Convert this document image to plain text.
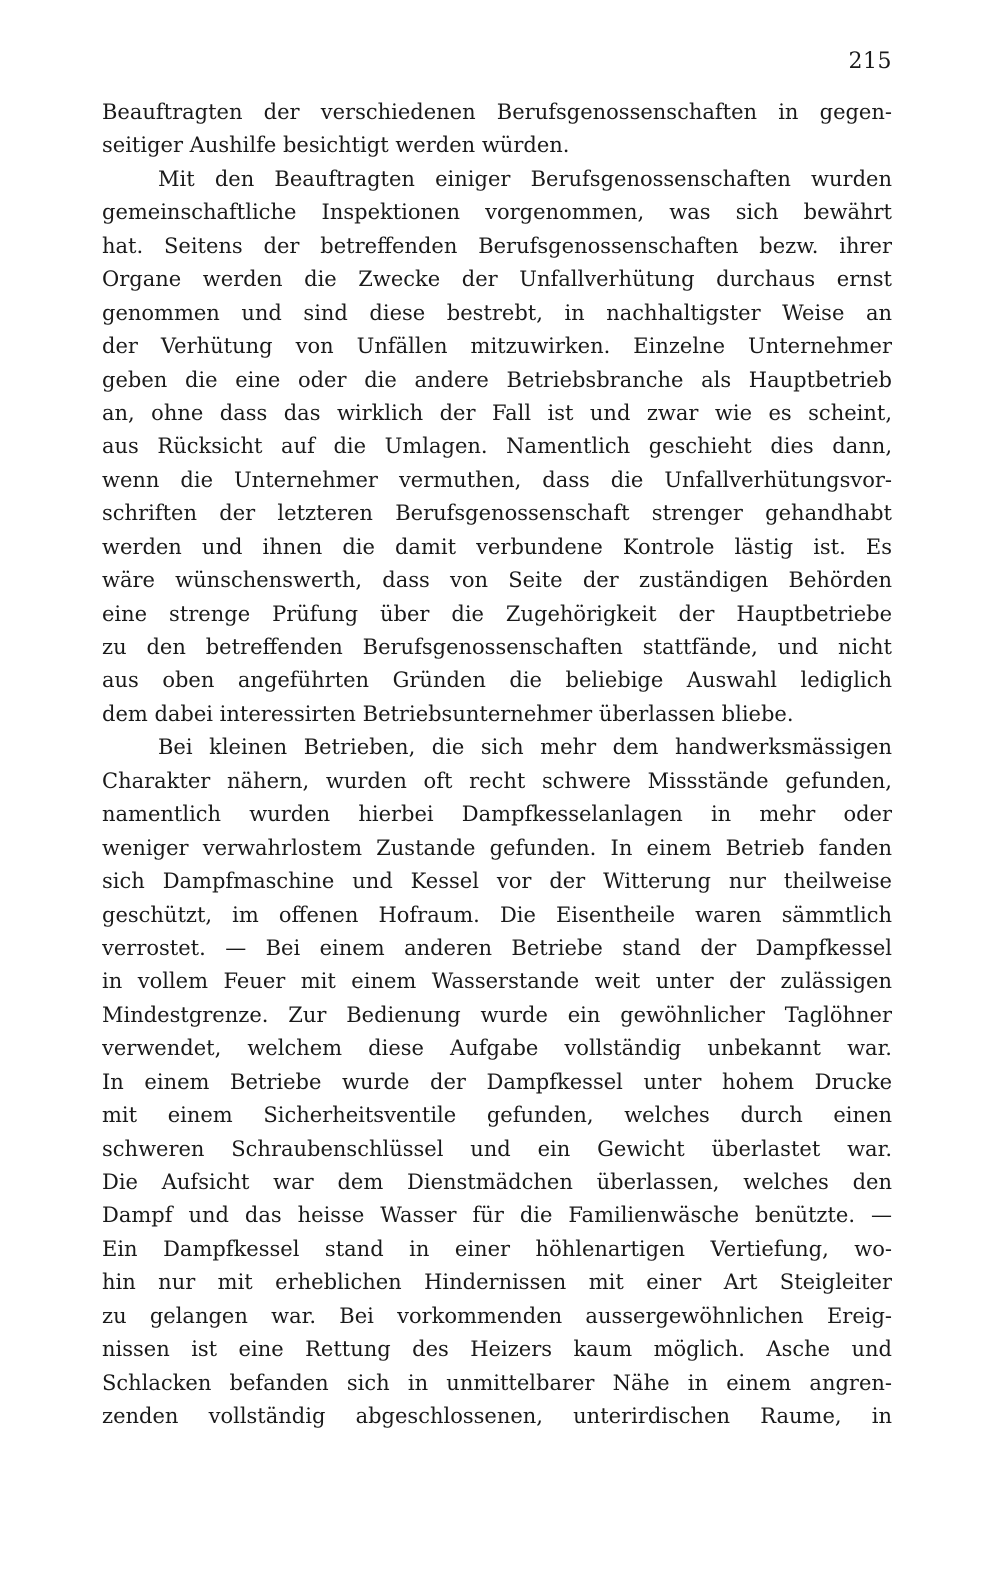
215
Beauftragten der verschiedenen Berufsgenossenschaften in gegen-
seitiger Aushilfe besichtigt werden würden.
Mit den Beauftragten einiger Berufsgenossenschaften wurden
gemeinschaftliche Inspektionen vorgenommen, was sich bewährt
hat. Seitens der betreffenden Berufsgenossenschaften bezw. ihrer
Organe werden die Zwecke der Unfallverhütung durchaus ernst
genommen und sind diese bestrebt, in nachhaltigster Weise an
der Verhütung von Unfällen mitzuwirken. Einzelne Unternehmer
geben die eine oder die andere Betriebsbranche als Hauptbetrieb
an, ohne dass das wirklich der Fall ist und zwar wie es scheint,
aus Rücksicht auf die Umlagen. Namentlich geschieht dies dann,
wenn die Unternehmer vermuthen, dass die Unfallverhütungsvor-
schriften der letzteren Berufsgenossenschaft strenger gehandhabt
werden und ihnen die damit verbundene Kontrole lästig ist. Es
wäre wünschenswerth, dass von Seite der zuständigen Behörden
eine strenge Prüfung über die Zugehörigkeit der Hauptbetriebe
zu den betreffenden Berufsgenossenschaften stattfände, und nicht
aus oben angeführten Gründen die beliebige Auswahl lediglich
dem dabei interessirten Betriebsunternehmer überlassen bliebe.
Bei kleinen Betrieben, die sich mehr dem handwerksmässigen
Charakter nähern, wurden oft recht schwere Missstände gefunden,
namentlich wurden hierbei Dampfkesselanlagen in mehr oder
weniger verwahrlostem Zustande gefunden. In einem Betrieb fanden
sich Dampfmaschine und Kessel vor der Witterung nur theilweise
geschützt, im offenen Hofraum. Die Eisentheile waren sämmtlich
verrostet. — Bei einem anderen Betriebe stand der Dampfkessel
in vollem Feuer mit einem Wasserstande weit unter der zulässigen
Mindestgrenze. Zur Bedienung wurde ein gewöhnlicher Taglöhner
verwendet, welchem diese Aufgabe vollständig unbekannt war.
In einem Betriebe wurde der Dampfkessel unter hohem Drucke
mit einem Sicherheitsventile gefunden, welches durch einen
schweren Schraubenschlüssel und ein Gewicht überlastet war.
Die Aufsicht war dem Dienstmädchen überlassen, welches den
Dampf und das heisse Wasser für die Familienwäsche benützte. —
Ein Dampfkessel stand in einer höhlenartigen Vertiefung, wo-
hin nur mit erheblichen Hindernissen mit einer Art Steigleiter
zu gelangen war. Bei vorkommenden aussergewöhnlichen Ereig-
nissen ist eine Rettung des Heizers kaum möglich. Asche und
Schlacken befanden sich in unmittelbarer Nähe in einem angren-
zenden vollständig abgeschlossenen, unterirdischen Raume, in
